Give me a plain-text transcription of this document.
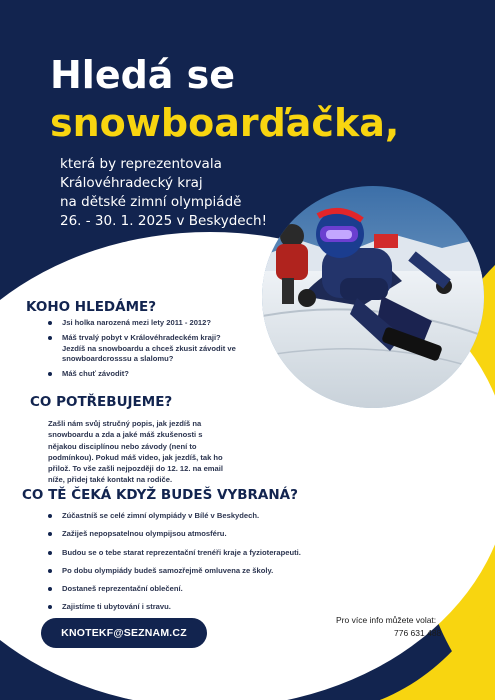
Hledá se
snowboarďačka,
která by reprezentovala
Královéhradecký kraj
na dětské zimní olympiádě
26. - 30. 1. 2025 v Beskydech!
KOHO HLEDÁME?
Jsi holka narozená mezi lety 2011 - 2012?
Máš trvalý pobyt v Královéhradeckém kraji?
Jezdíš na snowboardu a chceš zkusit závodit ve snowboardcrosssu a slalomu?
Máš chuť závodit?
CO POTŘEBUJEME?
Zašli nám svůj stručný popis, jak jezdíš na
snowboardu a zda a jaké máš zkušenosti s
nějakou disciplínou nebo závody (není to
podmínkou). Pokud máš video, jak jezdíš, tak ho
přilož. To vše zašli nejpozději do 12. 12. na email
níže, přidej také kontakt na rodiče.
CO TĚ ČEKÁ KDYŽ BUDEŠ VYBRANÁ?
Zúčastníš se celé zimní olympiády v Bílé v Beskydech.
Zažiješ nepopsatelnou olympijsou atmosféru.
Budou se o tebe starat reprezentační trenéři kraje a fyzioterapeuti.
Po dobu olympiády budeš samozřejmě omluvena ze školy.
Dostaneš reprezentační oblečení.
Zajistíme ti ubytování i stravu.
KNOTEKF@SEZNAM.CZ
Pro více info můžete volat:
776 631 488
